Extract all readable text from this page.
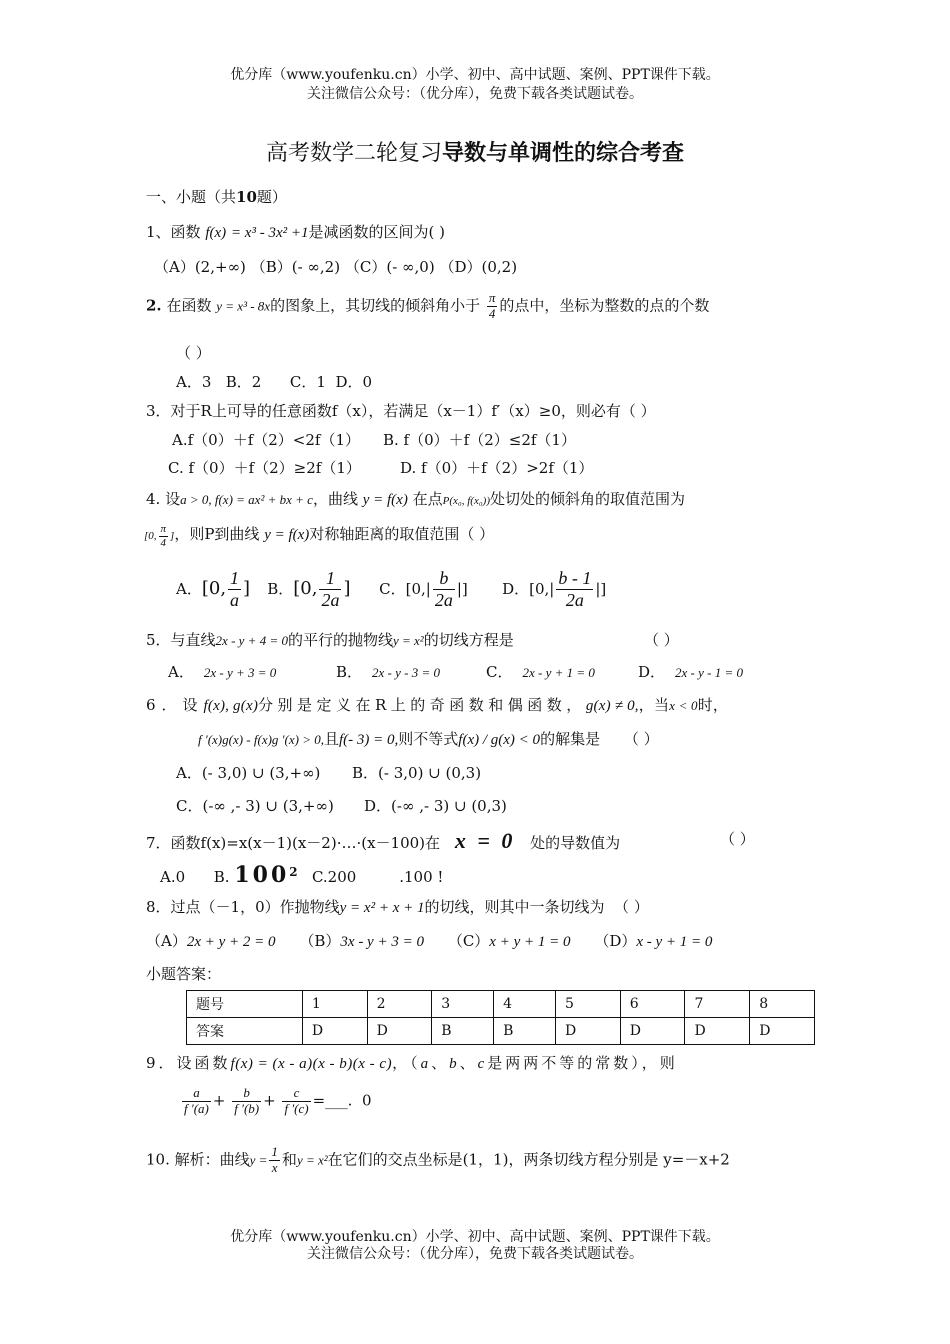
优分库（www.youfenku.cn）小学、初中、高中试题、案例、PPT课件下载。
关注微信公众号：（优分库），免费下载各类试题试卷。
高考数学二轮复习导数与单调性的综合考查
一、小题（共10题）
1、函数 f(x) = x³ - 3x² +1是减函数的区间为( )
（A）(2,+∞) （B）(- ∞,2) （C）(- ∞,0) （D）(0,2)
2. 在函数 y = x³ - 8x的图象上，其切线的倾斜角小于 $\frac{\pi}{4}$ 的点中，坐标为整数的点的个数
（ ）
A．3 B．2 C．1 D．0
3．对于R上可导的任意函数f（x），若满足（x－1）f′（x）≥0，则必有（ ）
A.f（0）＋f（2）<2f（1） B. f（0）＋f（2）≤2f（1）
C. f（0）＋f（2）≥2f（1）	D. f（0）＋f（2）>2f（1）
4. 设a > 0, f(x) = ax² + bx + c，曲线 y = f(x) 在点P(x₀, f(x₀))处切处的倾斜角的取值范围为
[0, $\frac{\pi}{4}$ ]，则P到曲线 y = f(x)对称轴距离的取值范围（ ）
A．[0, $\frac{1}{a}$ ] B．[0, $\frac{1}{2a}$ ] C．[$0,| \frac{b}{2a}$ |] D．[$0,| \frac{b - 1}{2a}$ |]
5．与直线2x - y + 4 = 0的平行的抛物线y = x²的切线方程是	（ ）
A． 2x - y + 3 = 0	B． 2x - y - 3 = 0	C． 2x - y + 1 = 0	D． 2x - y - 1 = 0
6．设f(x), g(x)分别是定义在R上的奇函数和偶函数，g(x) ≠ 0,，当x < 0时，
f ′(x)g(x) - f(x)g ′(x) > 0,且f(- 3) = 0,则不等式f(x) / g(x) < 0的解集是 （ ）
A．(- 3,0) ∪ (3,+∞) B．(- 3,0) ∪ (0,3)
C．(-∞ ,- 3) ∪ (3,+∞) D．(-∞ ,- 3) ∪ (0,3)
7．函数f(x)=x(x－1)(x－2)·…·(x－100)在 x = 0 处的导数值为	（ ）
A.0 B. $100^2$ C.200	.100 !
8．过点（－1，0）作抛物线y = x² + x + 1的切线，则其中一条切线为 （ ）
（A）2x + y + 2 = 0 （B）3x - y + 3 = 0 （C）x + y + 1 = 0 （D）x - y + 1 = 0
小题答案：
题号	1	2	3	4	5	6	7	8
答案	D	D	B	B	D	D	D	D
9．设函数f(x) = (x - a)(x - b)(x - c)，（a、b、c是两两不等的常数），则
$\frac{a}{f '(a)} + \frac{b}{f '(b)} + \frac{c}{f '(c)}$ =___. 0
10. 解析：曲线$y = \frac{1}{x}$ 和y = x²在它们的交点坐标是(1，1)，两条切线方程分别是 y=－x+2
优分库（www.youfenku.cn）小学、初中、高中试题、案例、PPT课件下载。
关注微信公众号：（优分库），免费下载各类试题试卷。
